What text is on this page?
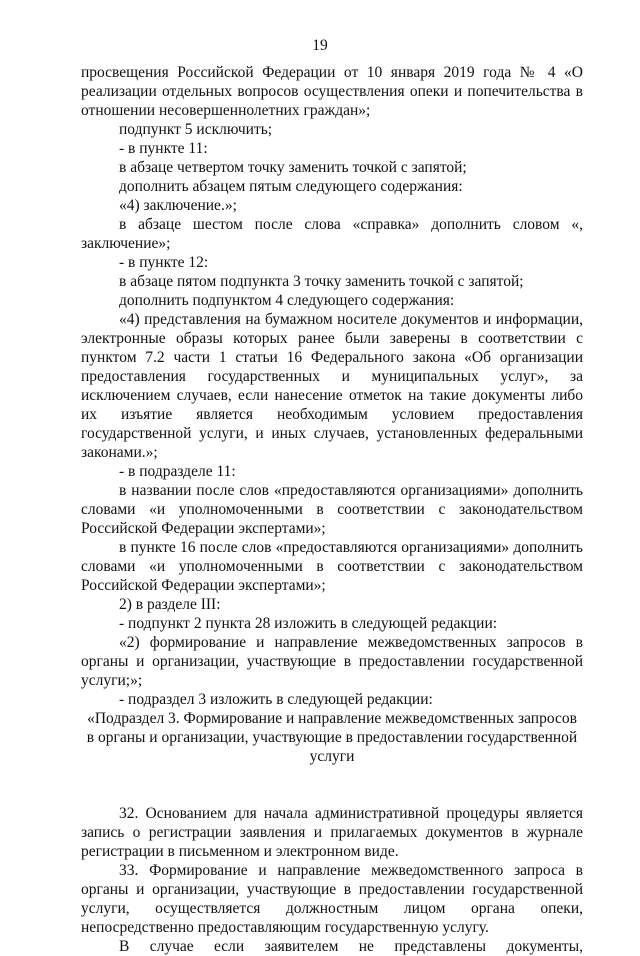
19

просвещения Российской Федерации от 10 января 2019 года № 4 «О реализации отдельных вопросов осуществления опеки и попечительства в отношении несовершеннолетних граждан»;

подпункт 5 исключить;

- в пункте 11:

в абзаце четвертом точку заменить точкой с запятой;

дополнить абзацем пятым следующего содержания:

«4) заключение.»;

в абзаце шестом после слова «справка» дополнить словом «, заключение»;

- в пункте 12:

в абзаце пятом подпункта 3 точку заменить точкой с запятой;

дополнить подпунктом 4 следующего содержания:

«4) представления на бумажном носителе документов и информации, электронные образы которых ранее были заверены в соответствии с пунктом 7.2 части 1 статьи 16 Федерального закона «Об организации предоставления государственных и муниципальных услуг», за исключением случаев, если нанесение отметок на такие документы либо их изъятие является необходимым условием предоставления государственной услуги, и иных случаев, установленных федеральными законами.»;

- в подразделе 11:

в названии после слов «предоставляются организациями» дополнить словами «и уполномоченными в соответствии с законодательством Российской Федерации экспертами»;

в пункте 16 после слов «предоставляются организациями» дополнить словами «и уполномоченными в соответствии с законодательством Российской Федерации экспертами»;

2) в разделе III:

- подпункт 2 пункта 28 изложить в следующей редакции:

«2) формирование и направление межведомственных запросов в органы и организации, участвующие в предоставлении государственной услуги;»;

- подраздел 3 изложить в следующей редакции:

«Подраздел 3. Формирование и направление межведомственных запросов в органы и организации, участвующие в предоставлении государственной услуги

32. Основанием для начала административной процедуры является запись о регистрации заявления и прилагаемых документов в журнале регистрации в письменном и электронном виде.

33. Формирование и направление межведомственного запроса в органы и организации, участвующие в предоставлении государственной услуги, осуществляется должностным лицом органа опеки, непосредственно предоставляющим государственную услугу.

В случае если заявителем не представлены документы,
